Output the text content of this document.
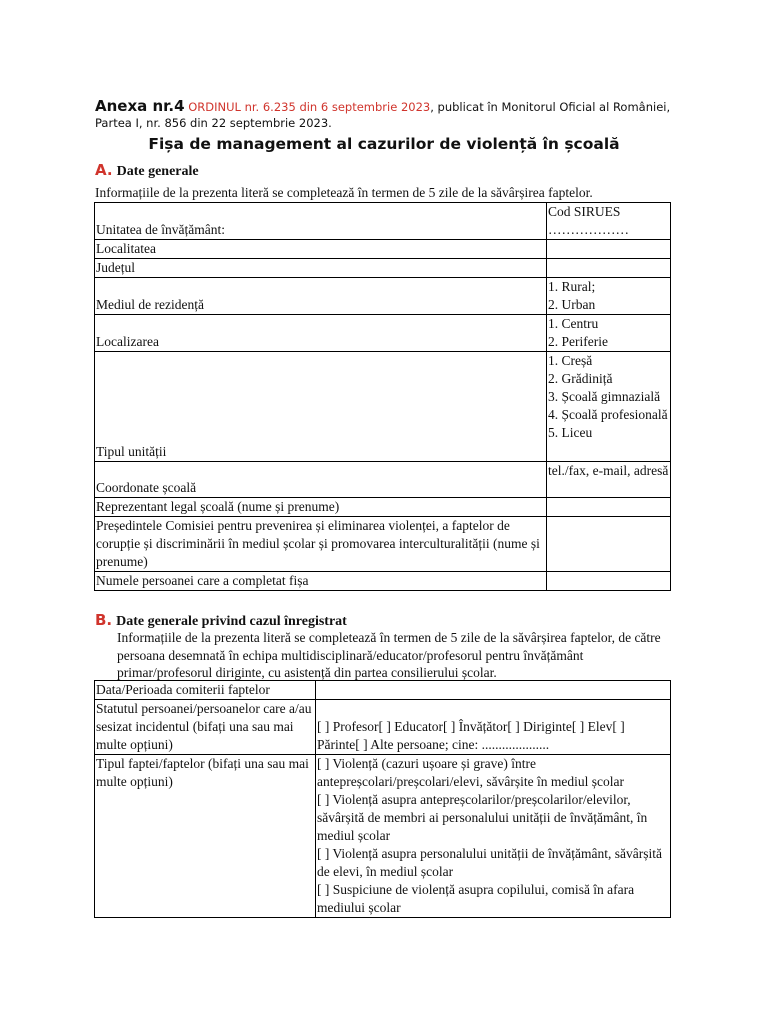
Anexa nr.4 ORDINUL nr. 6.235 din 6 septembrie 2023, publicat în Monitorul Oficial al României, Partea I, nr. 856 din 22 septembrie 2023.
Fișa de management al cazurilor de violență în școală
A. Date generale
Informațiile de la prezenta literă se completează în termen de 5 zile de la săvârșirea faptelor.
Unitatea de învățământ:	Cod SIRUES
………………

Localitatea	
Județul	
Mediul de rezidență	1. Rural;
2. Urban

Localizarea	1. Centru
2. Periferie

Tipul unității	1. Creșă
2. Grădiniță
3. Școală gimnazială
4. Școală profesională
5. Liceu

Coordonate școală	tel./fax, e-mail, adresă

Reprezentant legal școală (nume și prenume)	
Președintele Comisiei pentru prevenirea și eliminarea violenței, a faptelor de corupție și discriminării în mediul școlar și promovarea interculturalității (nume și prenume)	
Numele persoanei care a completat fișa	
B. Date generale privind cazul înregistrat
Informațiile de la prezenta literă se completează în termen de 5 zile de la săvârșirea faptelor, de către persoana desemnată în echipa multidisciplinară/educator/profesorul pentru învățământ primar/profesorul diriginte, cu asistență din partea consilierului școlar.
Data/Perioada comiterii faptelor	
Statutul persoanei/persoanelor care a/au sesizat incidentul (bifați una sau mai multe opțiuni)	[ ] Profesor[ ] Educator[ ] Învățător[ ] Diriginte[ ] Elev[ ] Părinte[ ] Alte persoane; cine: ....................

Tipul faptei/faptelor (bifați una sau mai multe opțiuni)	[ ] Violență (cazuri ușoare și grave) între antepreșcolari/preșcolari/elevi, săvârșite în mediul școlar
[ ] Violență asupra antepreșcolarilor/preșcolarilor/elevilor, săvârșită de membri ai personalului unității de învățământ, în mediul școlar
[ ] Violență asupra personalului unității de învățământ, săvârșită de elevi, în mediul școlar
[ ] Suspiciune de violență asupra copilului, comisă în afara mediului școlar
